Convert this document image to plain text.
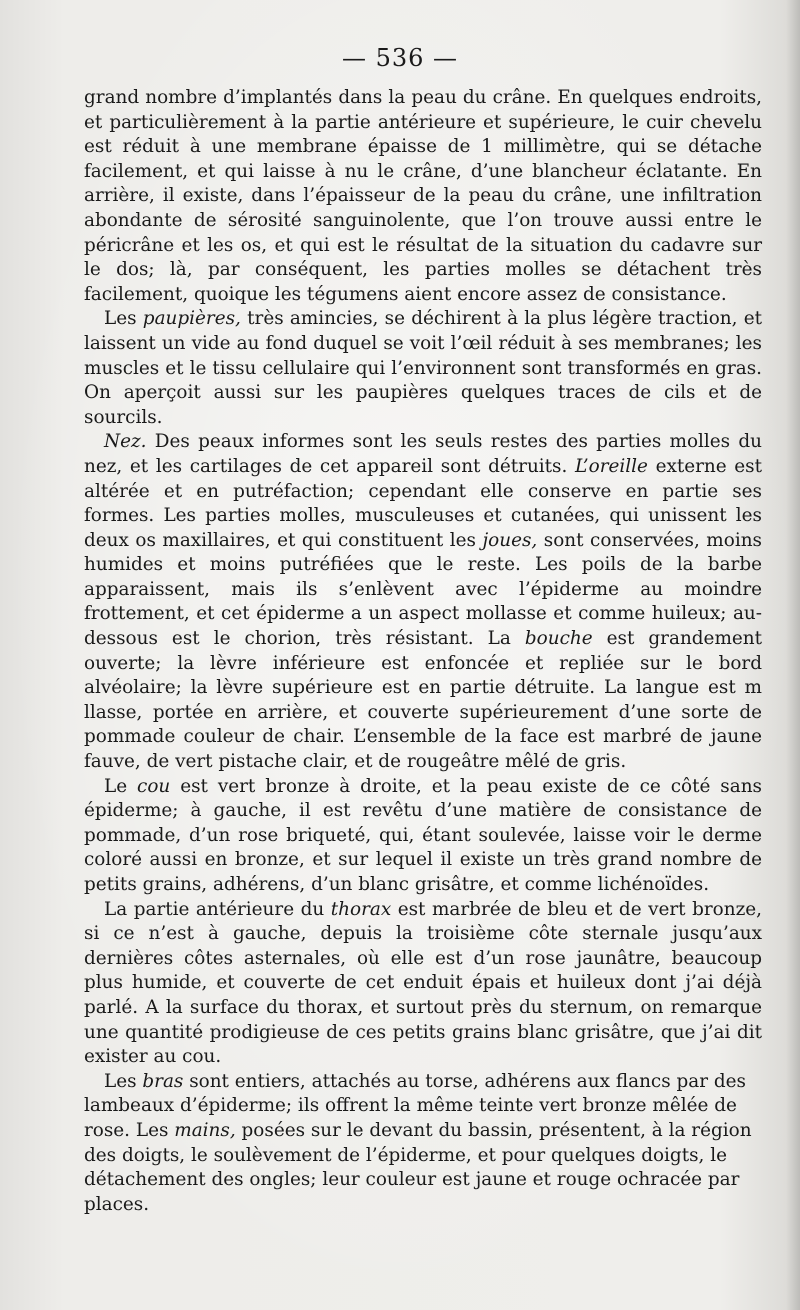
— 536 —

grand nombre d’implantés dans la peau du crâne. En quelques endroits, et particulièrement à la partie antérieure et supérieure, le cuir chevelu est réduit à une membrane épaisse de 1 millimètre, qui se détache facilement, et qui laisse à nu le crâne, d’une blancheur éclatante. En arrière, il existe, dans l’épaisseur de la peau du crâne, une infiltration abondante de sérosité sanguinolente, que l’on trouve aussi entre le péricrâne et les os, et qui est le résultat de la situation du cadavre sur le dos; là, par conséquent, les parties molles se détachent très facilement, quoique les tégumens aient encore assez de consistance.

Les paupières, très amincies, se déchirent à la plus légère traction, et laissent un vide au fond duquel se voit l’œil réduit à ses membranes; les muscles et le tissu cellulaire qui l’environnent sont transformés en gras. On aperçoit aussi sur les paupières quelques traces de cils et de sourcils.

Nez. Des peaux informes sont les seuls restes des parties molles du nez, et les cartilages de cet appareil sont détruits. L’oreille externe est altérée et en putréfaction; cependant elle conserve en partie ses formes. Les parties molles, musculeuses et cutanées, qui unissent les deux os maxillaires, et qui constituent les joues, sont conservées, moins humides et moins putréfiées que le reste. Les poils de la barbe apparaissent, mais ils s’enlèvent avec l’épiderme au moindre frottement, et cet épiderme a un aspect mollasse et comme huileux; au-dessous est le chorion, très résistant. La bouche est grandement ouverte; la lèvre inférieure est enfoncée et repliée sur le bord alvéolaire; la lèvre supérieure est en partie détruite. La langue est m llasse, portée en arrière, et couverte supérieurement d’une sorte de pommade couleur de chair. L’ensemble de la face est marbré de jaune fauve, de vert pistache clair, et de rougeâtre mêlé de gris.

Le cou est vert bronze à droite, et la peau existe de ce côté sans épiderme; à gauche, il est revêtu d’une matière de consistance de pommade, d’un rose briqueté, qui, étant soulevée, laisse voir le derme coloré aussi en bronze, et sur lequel il existe un très grand nombre de petits grains, adhérens, d’un blanc grisâtre, et comme lichénoïdes.

La partie antérieure du thorax est marbrée de bleu et de vert bronze, si ce n’est à gauche, depuis la troisième côte sternale jusqu’aux dernières côtes asternales, où elle est d’un rose jaunâtre, beaucoup plus humide, et couverte de cet enduit épais et huileux dont j’ai déjà parlé. A la surface du thorax, et surtout près du sternum, on remarque une quantité prodigieuse de ces petits grains blanc grisâtre, que j’ai dit exister au cou.

Les bras sont entiers, attachés au torse, adhérens aux flancs par des lambeaux d’épiderme; ils offrent la même teinte vert bronze mêlée de rose. Les mains, posées sur le devant du bassin, présentent, à la région des doigts, le soulèvement de l’épiderme, et pour quelques doigts, le détachement des ongles; leur couleur est jaune et rouge ochracée par places.
